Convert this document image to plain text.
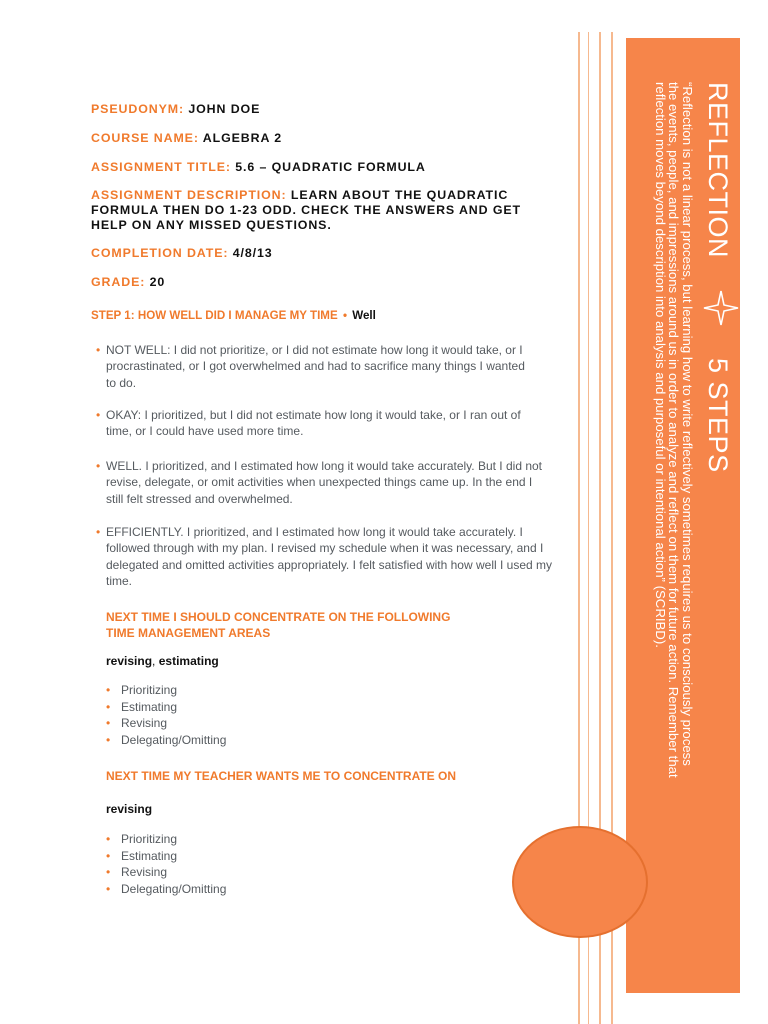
REFLECTION
5 STEPS
“Reflection is not a linear process, but learning how to write reflectively sometimes requires us to consciously process the events, people, and impressions around us in order to analyze and reflect on them for future action. Remember that reflection moves beyond description into analysis and purposeful or intentional action” (SCRIBD).
PSEUDONYM: JOHN DOE
COURSE NAME: ALGEBRA 2
ASSIGNMENT TITLE: 5.6 – QUADRATIC FORMULA
ASSIGNMENT DESCRIPTION: LEARN ABOUT THE QUADRATIC FORMULA THEN DO 1-23 ODD. CHECK THE ANSWERS AND GET HELP ON ANY MISSED QUESTIONS.
COMPLETION DATE: 4/8/13
GRADE: 20
STEP 1: HOW WELL DID I MANAGE MY TIME • Well
• NOT WELL: I did not prioritize, or I did not estimate how long it would take, or I procrastinated, or I got overwhelmed and had to sacrifice many things I wanted to do.
• OKAY: I prioritized, but I did not estimate how long it would take, or I ran out of time, or I could have used more time.
• WELL. I prioritized, and I estimated how long it would take accurately. But I did not revise, delegate, or omit activities when unexpected things came up. In the end I still felt stressed and overwhelmed.
• EFFICIENTLY. I prioritized, and I estimated how long it would take accurately. I followed through with my plan. I revised my schedule when it was necessary, and I delegated and omitted activities appropriately. I felt satisfied with how well I used my time.
NEXT TIME I SHOULD CONCENTRATE ON THE FOLLOWING
TIME MANAGEMENT AREAS
revising, estimating
• Prioritizing
• Estimating
• Revising
• Delegating/Omitting
NEXT TIME MY TEACHER WANTS ME TO CONCENTRATE ON
revising
• Prioritizing
• Estimating
• Revising
• Delegating/Omitting
